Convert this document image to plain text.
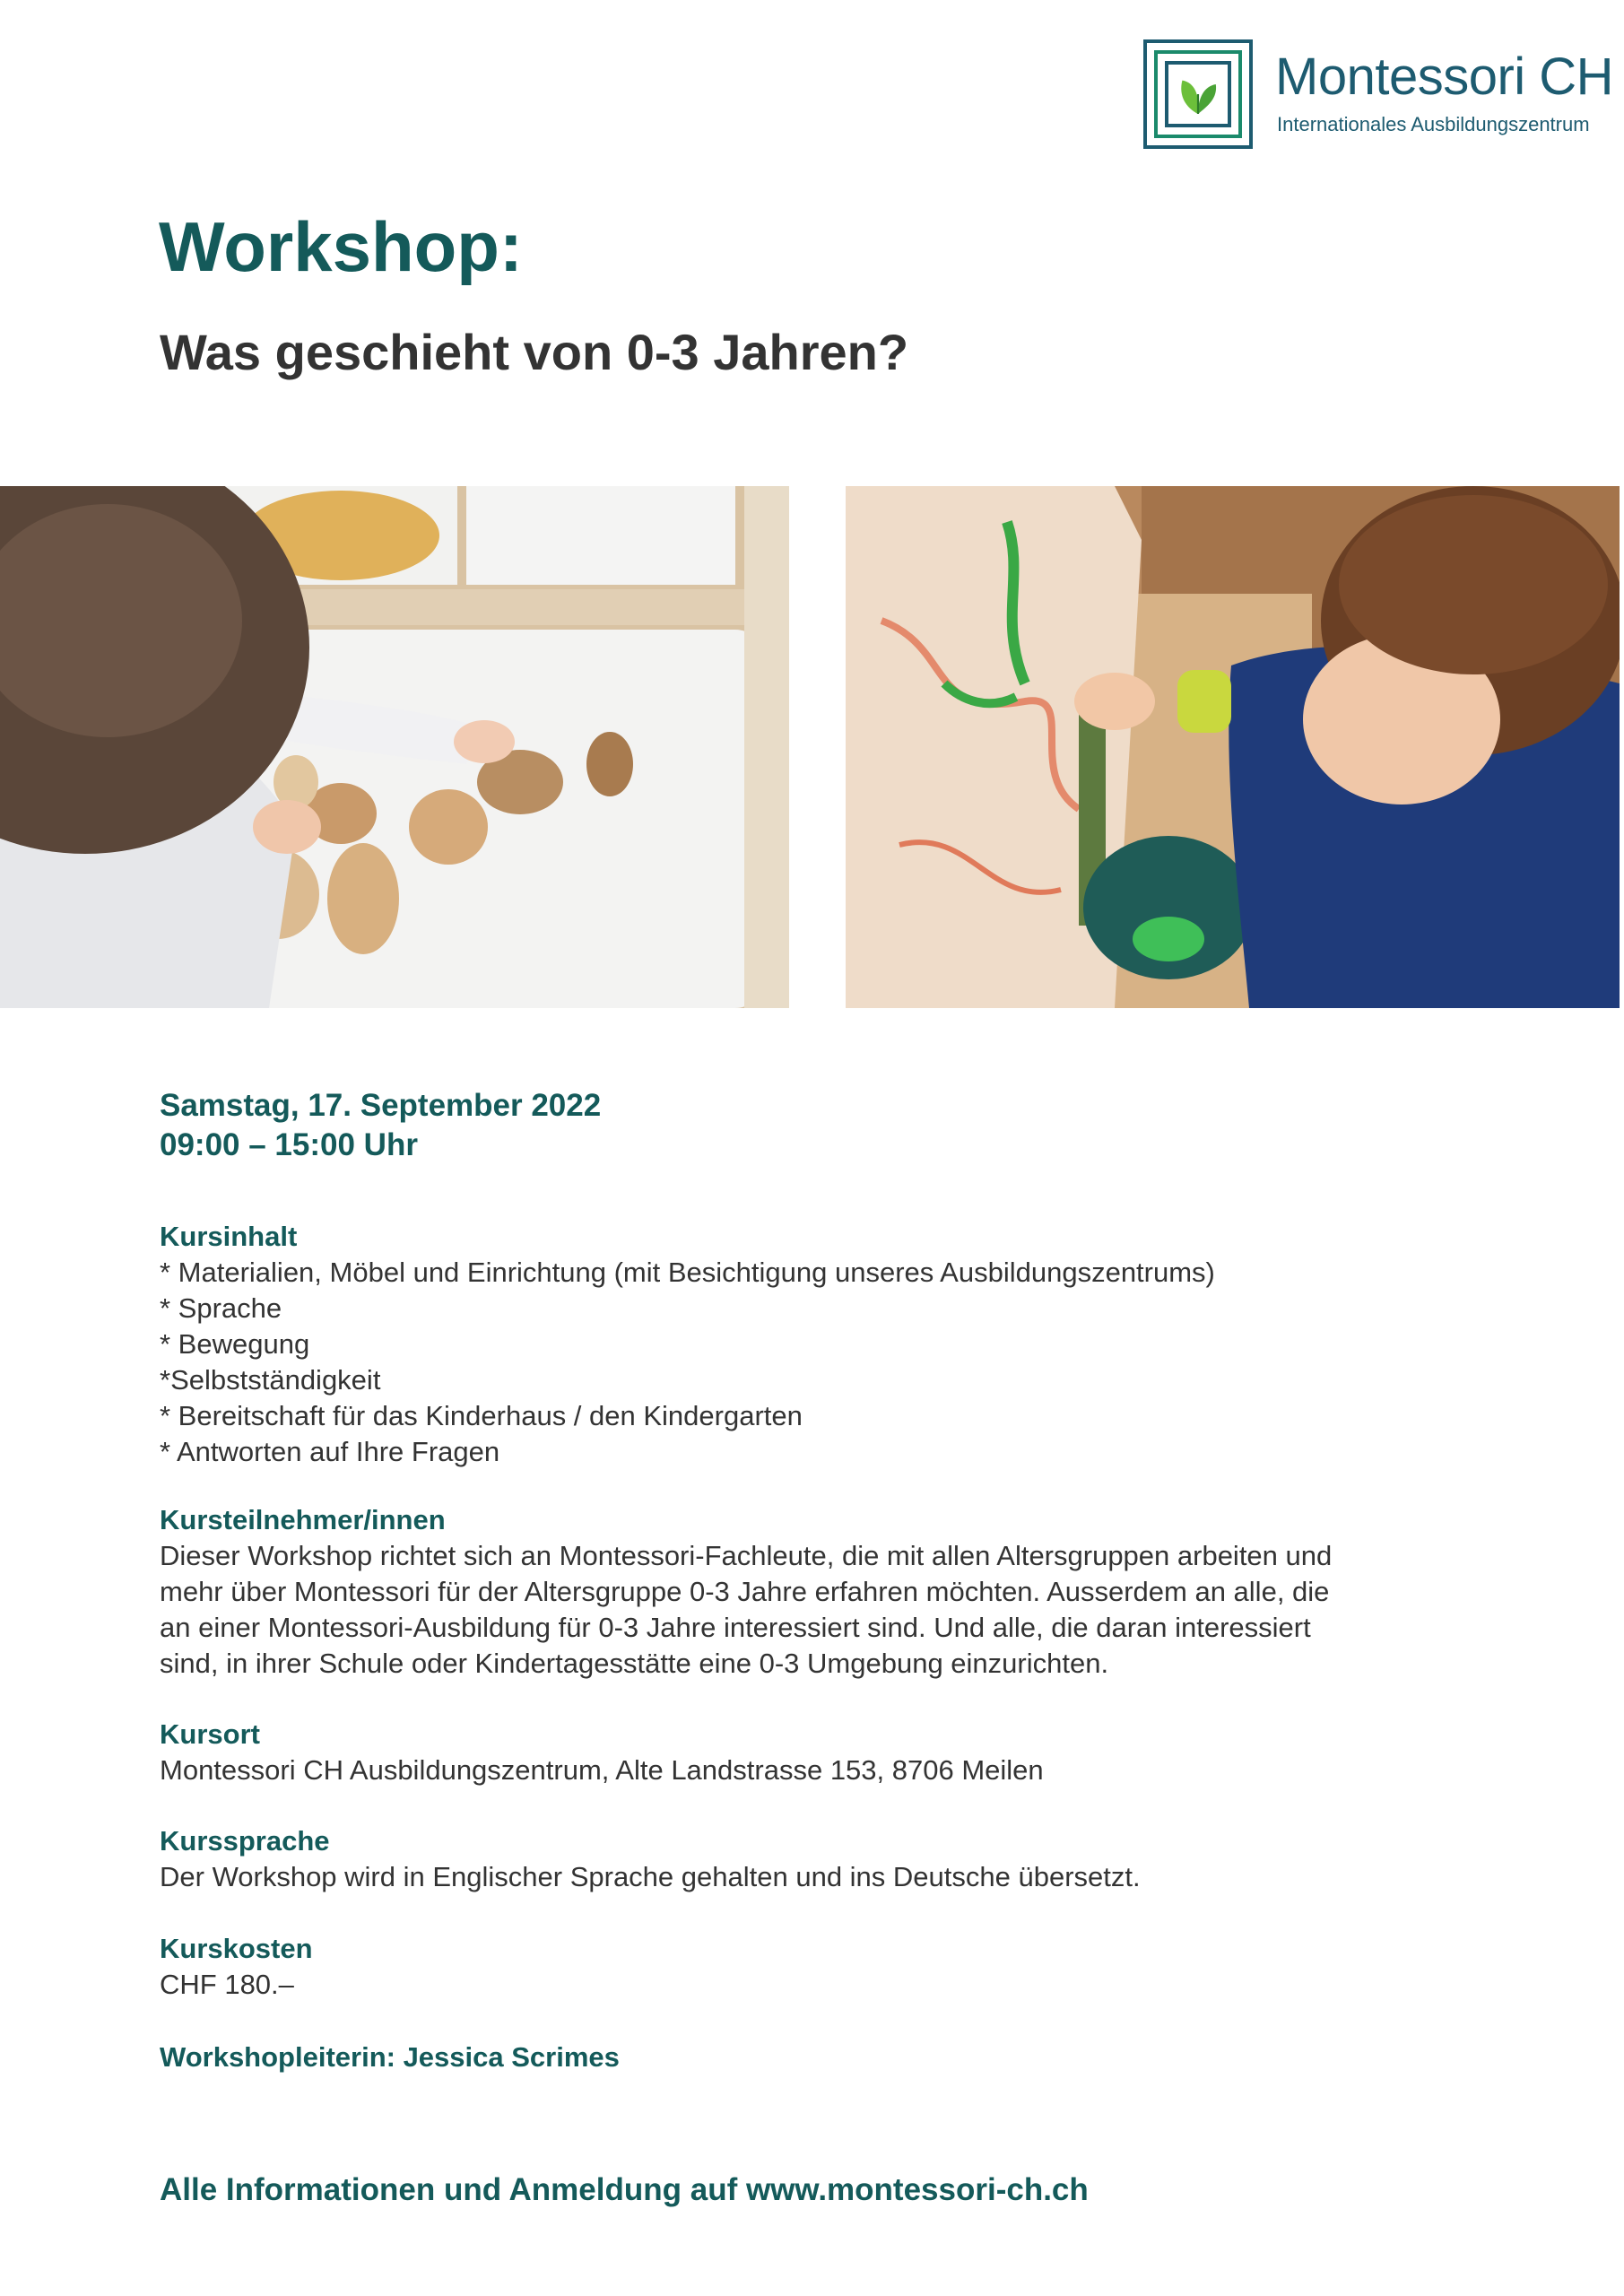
Montessori CH
Internationales Ausbildungszentrum
Workshop:
Was geschieht von 0-3 Jahren?
Samstag, 17. September 2022
09:00 – 15:00 Uhr
Kursinhalt
* Materialien, Möbel und Einrichtung (mit Besichtigung unseres Ausbildungszentrums)
* Sprache
* Bewegung
*Selbstständigkeit
* Bereitschaft für das Kinderhaus / den Kindergarten
* Antworten auf Ihre Fragen
Kursteilnehmer/innen
Dieser Workshop richtet sich an Montessori-Fachleute, die mit allen Altersgruppen arbeiten und
mehr über Montessori für der Altersgruppe 0-3 Jahre erfahren möchten. Ausserdem an alle, die
an einer Montessori-Ausbildung für 0-3 Jahre interessiert sind. Und alle, die daran interessiert
sind, in ihrer Schule oder Kindertagesstätte eine 0-3 Umgebung einzurichten.
Kursort
Montessori CH Ausbildungszentrum, Alte Landstrasse 153, 8706 Meilen
Kurssprache
Der Workshop wird in Englischer Sprache gehalten und ins Deutsche übersetzt.
Kurskosten
CHF 180.–
Workshopleiterin: Jessica Scrimes
Alle Informationen und Anmeldung auf www.montessori-ch.ch
